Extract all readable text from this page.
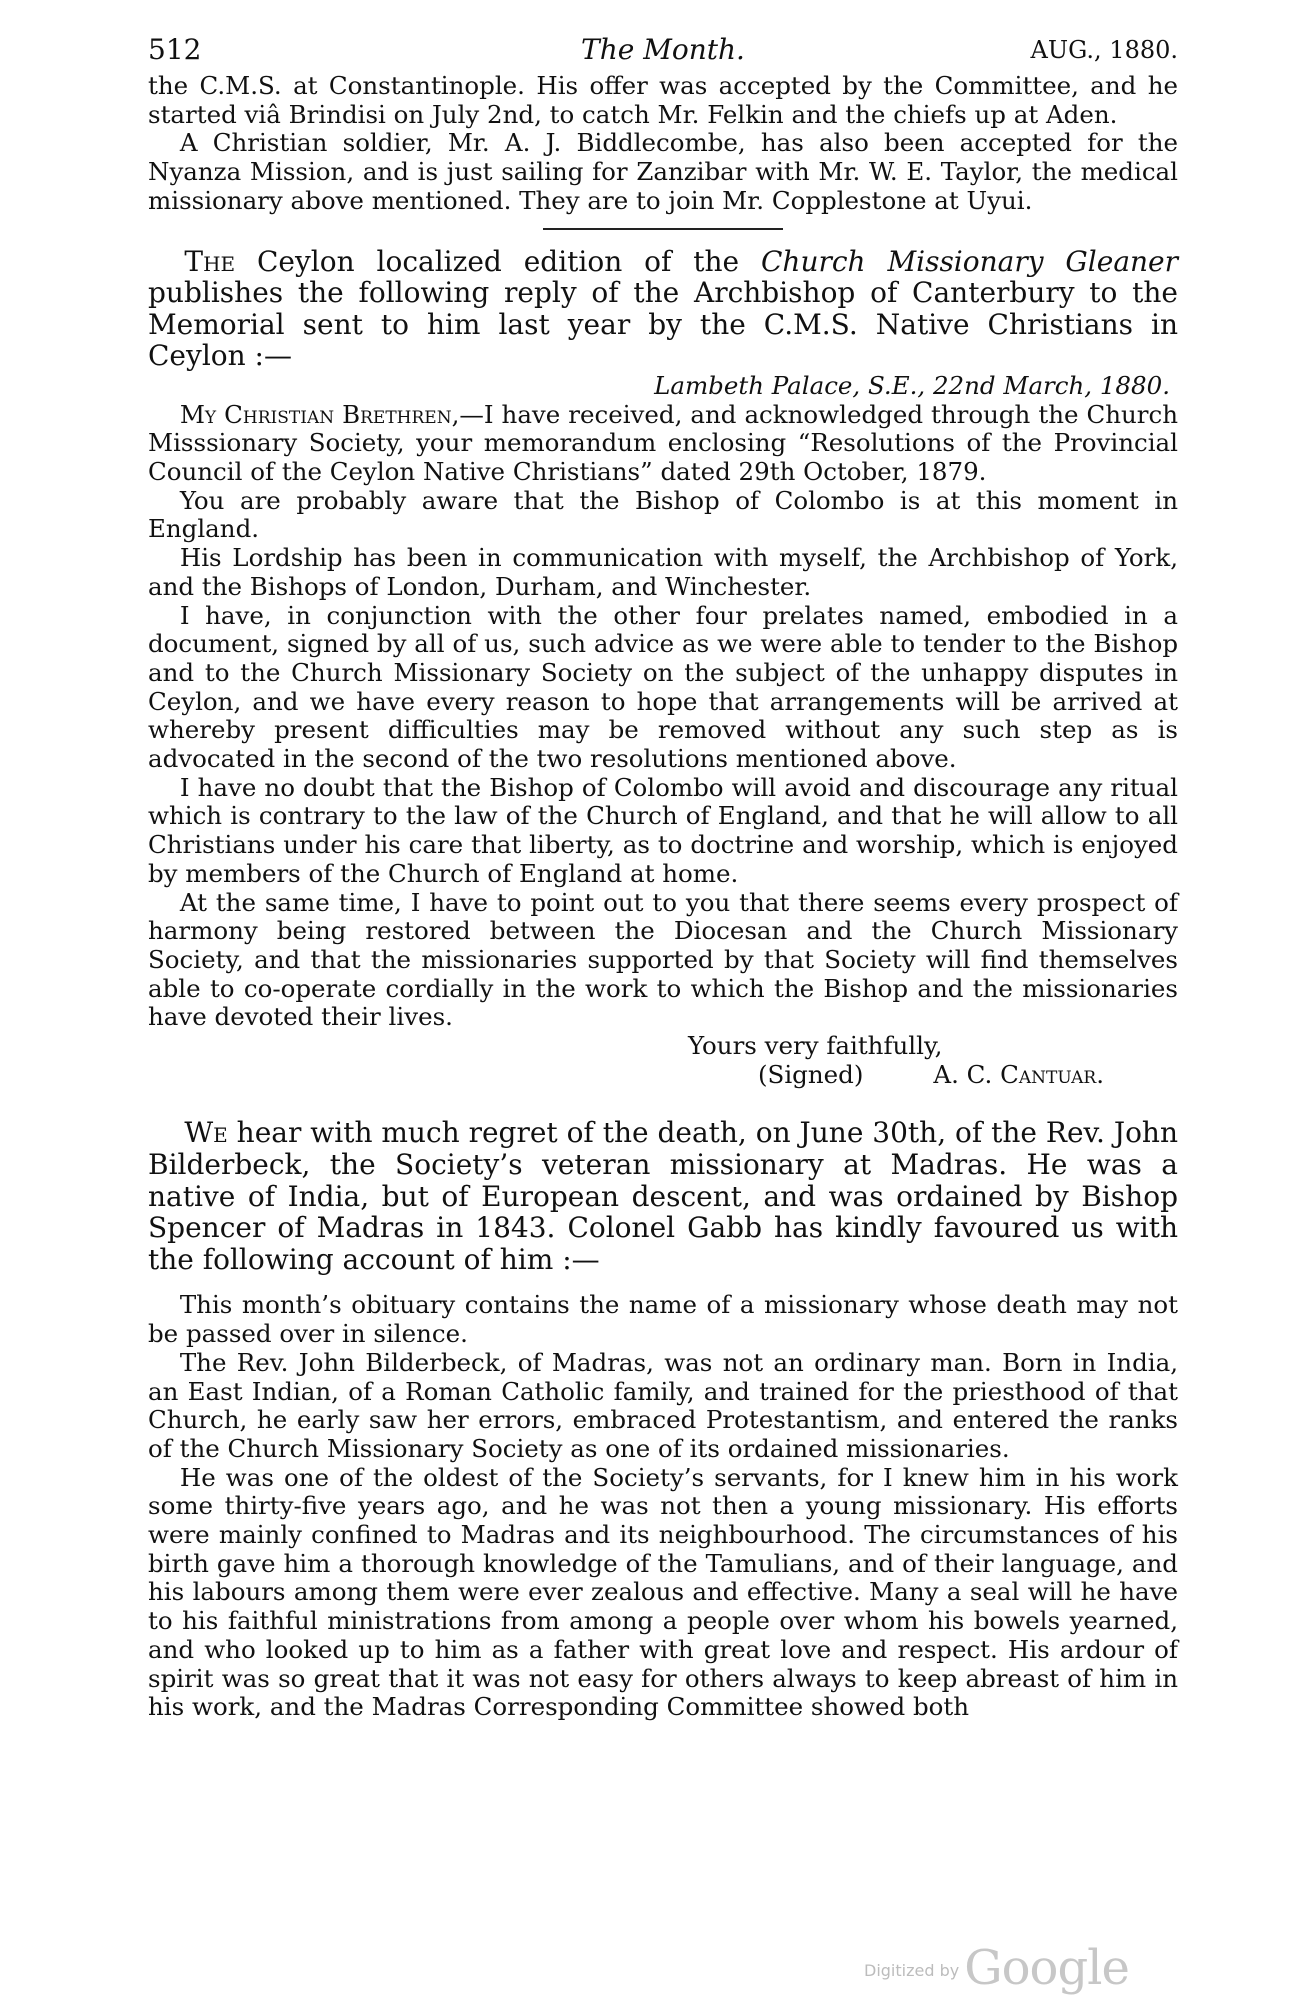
512	The Month.	AUG., 1880.

the C.M.S. at Constantinople. His offer was accepted by the Committee, and he started viâ Brindisi on July 2nd, to catch Mr. Felkin and the chiefs up at Aden.

A Christian soldier, Mr. A. J. Biddlecombe, has also been accepted for the Nyanza Mission, and is just sailing for Zanzibar with Mr. W. E. Taylor, the medical missionary above mentioned. They are to join Mr. Copplestone at Uyui.

The Ceylon localized edition of the Church Missionary Gleaner publishes the following reply of the Archbishop of Canterbury to the Memorial sent to him last year by the C.M.S. Native Christians in Ceylon :—

Lambeth Palace, S.E., 22nd March, 1880.

My Christian Brethren,—I have received, and acknowledged through the Church Misssionary Society, your memorandum enclosing “Resolutions of the Provincial Council of the Ceylon Native Christians” dated 29th October, 1879.

You are probably aware that the Bishop of Colombo is at this moment in England.

His Lordship has been in communication with myself, the Archbishop of York, and the Bishops of London, Durham, and Winchester.

I have, in conjunction with the other four prelates named, embodied in a document, signed by all of us, such advice as we were able to tender to the Bishop and to the Church Missionary Society on the subject of the unhappy disputes in Ceylon, and we have every reason to hope that arrangements will be arrived at whereby present difficulties may be removed without any such step as is advocated in the second of the two resolutions mentioned above.

I have no doubt that the Bishop of Colombo will avoid and discourage any ritual which is contrary to the law of the Church of England, and that he will allow to all Christians under his care that liberty, as to doctrine and worship, which is enjoyed by members of the Church of England at home.

At the same time, I have to point out to you that there seems every prospect of harmony being restored between the Diocesan and the Church Missionary Society, and that the missionaries supported by that Society will find themselves able to co-operate cordially in the work to which the Bishop and the missionaries have devoted their lives.

Yours very faithfully,

(Signed)	A. C. Cantuar.

We hear with much regret of the death, on June 30th, of the Rev. John Bilderbeck, the Society’s veteran missionary at Madras. He was a native of India, but of European descent, and was ordained by Bishop Spencer of Madras in 1843. Colonel Gabb has kindly favoured us with the following account of him :—

This month’s obituary contains the name of a missionary whose death may not be passed over in silence.

The Rev. John Bilderbeck, of Madras, was not an ordinary man. Born in India, an East Indian, of a Roman Catholic family, and trained for the priesthood of that Church, he early saw her errors, embraced Protestantism, and entered the ranks of the Church Missionary Society as one of its ordained missionaries.

He was one of the oldest of the Society’s servants, for I knew him in his work some thirty-five years ago, and he was not then a young missionary. His efforts were mainly confined to Madras and its neighbourhood. The circumstances of his birth gave him a thorough knowledge of the Tamulians, and of their language, and his labours among them were ever zealous and effective. Many a seal will he have to his faithful ministrations from among a people over whom his bowels yearned, and who looked up to him as a father with great love and respect. His ardour of spirit was so great that it was not easy for others always to keep abreast of him in his work, and the Madras Corresponding Committee showed both

Digitized by Google
